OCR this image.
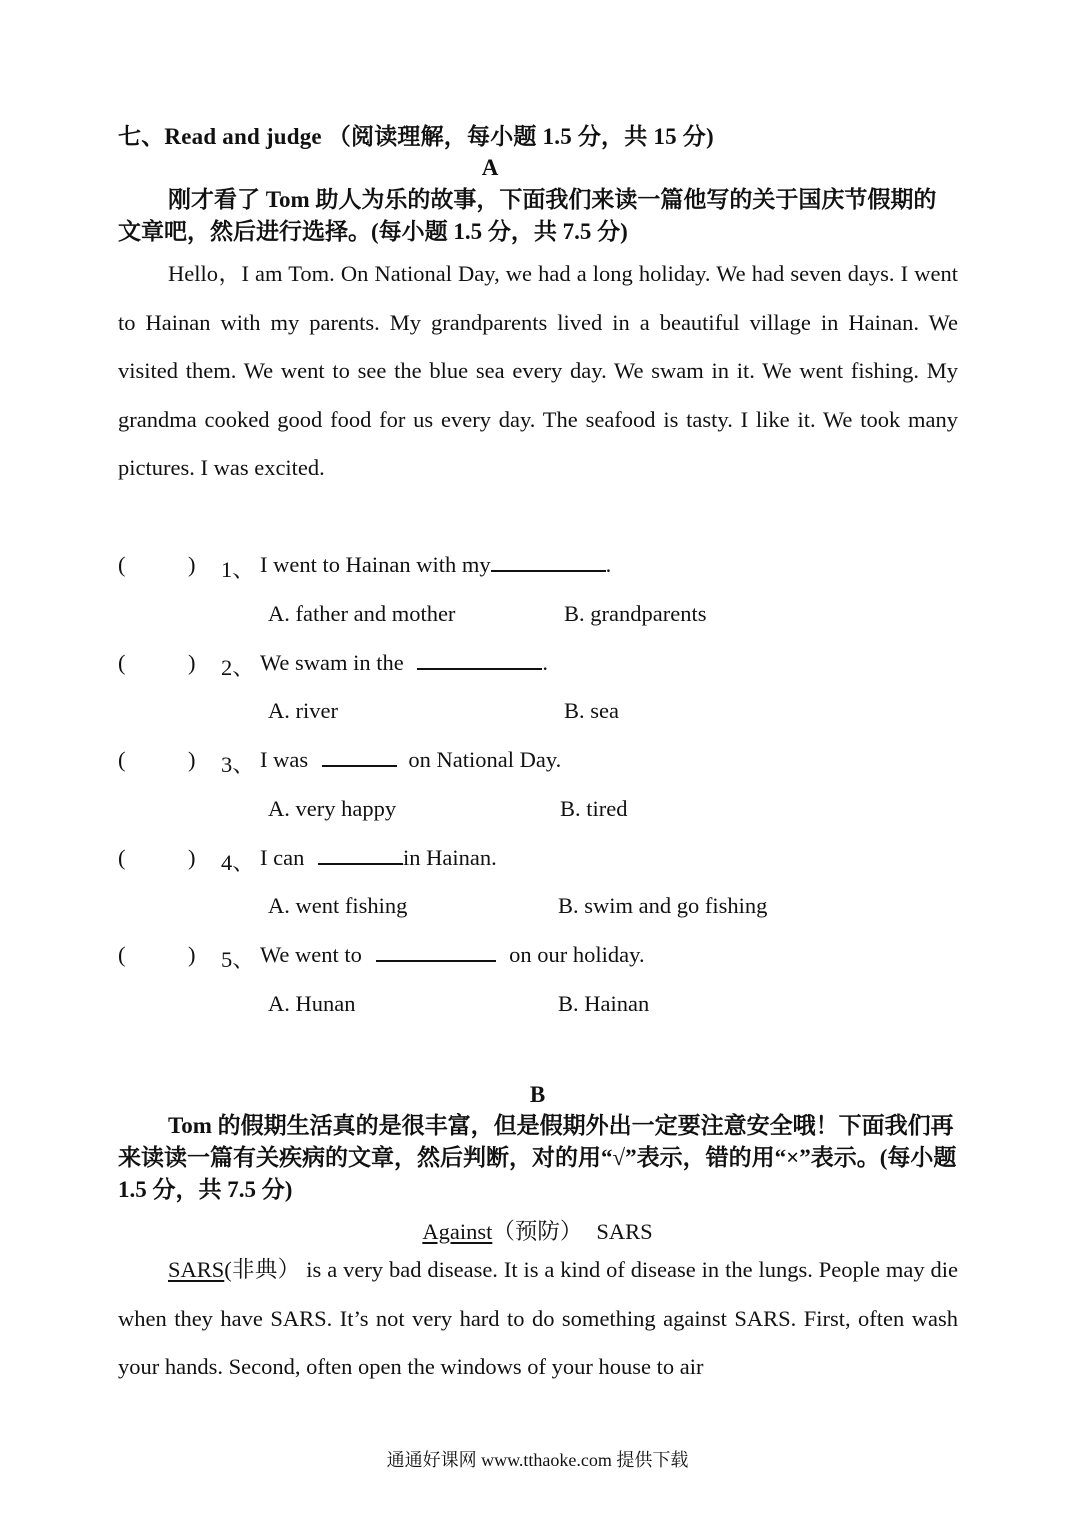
七、Read and judge （阅读理解，每小题 1.5 分，共 15 分)
A
刚才看了 Tom 助人为乐的故事，下面我们来读一篇他写的关于国庆节假期的文章吧，然后进行选择。(每小题 1.5 分，共 7.5 分)

Hello，I am Tom. On National Day, we had a long holiday. We had seven days. I went to Hainan with my parents. My grandparents lived in a beautiful village in Hainan. We visited them. We went to see the blue sea every day. We swam in it. We went fishing. My grandma cooked good food for us every day. The seafood is tasty. I like it. We took many pictures. I was excited.

(	) 1、 I went to Hainan with my	.
A. father and mother	B. grandparents
(	) 2、 We swam in the	.
A. river	B. sea
(	) 3、 I was	on National Day.
A. very happy	B. tired
(	) 4、 I can	in Hainan.
A. went fishing	B. swim and go fishing
(	) 5、 We went to	on our holiday.
A. Hunan	B. Hainan
B
Tom 的假期生活真的是很丰富，但是假期外出一定要注意安全哦！下面我们再来读读一篇有关疾病的文章，然后判断，对的用“√”表示，错的用“×”表示。(每小题 1.5 分，共 7.5 分)
Against（预防） SARS

SARS(非典） is a very bad disease. It is a kind of disease in the lungs. People may die when they have SARS. It’s not very hard to do something against SARS. First, often wash your hands. Second, often open the windows of your house to air

通通好课网 www.tthaoke.com 提供下载
